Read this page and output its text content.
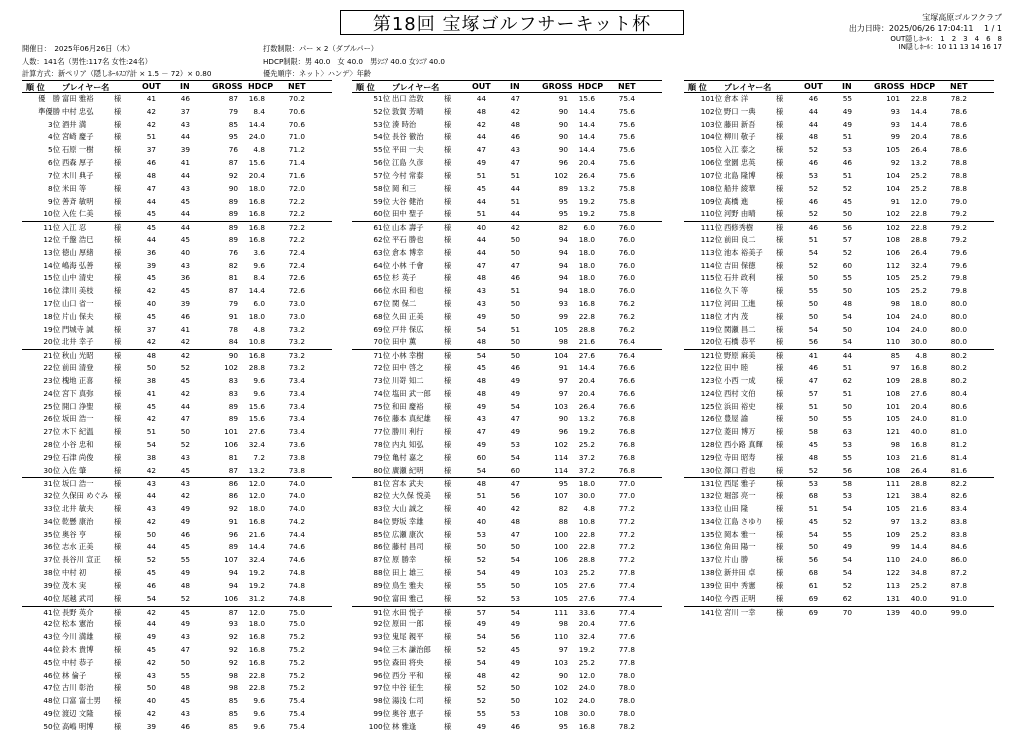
第18回 宝塚ゴルフサーキット杯	宝塚高原ゴルフクラブ
出力日時：2025/06/26 17:04:11　 1 / 1
OUT隠しﾎｰﾙ：　1　2　3　4　6　8
IN隠しﾎｰﾙ：10 11 13 14 16 17
開催日：　2025年06月26日（木）
人数：141名（男性:117名 女性:24名）
計算方式：新ペリア（隠しﾎｰﾙｽｺｱ計 × 1.5 － 72）× 0.80
打数制限：パー × 2（ダブルパー）
HDCP制限：男 40.0　女 40.0　男ｼﾆｱ 40.0 女ｼﾆｱ 40.0
優先順序：ネット〉ハンデ〉年齢
順 位 プレイヤー名	OUT IN	GROSS HDCP NET
優　勝 富田 雅裕	様	41	46	87	16.8	70.2
準優勝 中村 忠弘	様	42	37	79	8.4	70.6
3位 酒井 満	様	42	43	85	14.4	70.6
4位 宮崎 慶子	様	51	44	95	24.0	71.0
5位 石原 一樹	様	37	39	76	4.8	71.2
6位 西森 厚子	様	46	41	87	15.6	71.4
7位 木川 典子	様	48	44	92	20.4	71.6
8位 米田 等	様	47	43	90	18.0	72.0
9位 善斉 敏明	様	44	45	89	16.8	72.2
10位 入佐 仁美	様	45	44	89	16.8	72.2
11位 入江 忍	様	45	44	89	16.8	72.2
12位 千盤 浩巳	様	44	45	89	16.8	72.2
13位 徳山 厚緒	様	36	40	76	3.6	72.4
14位 嶋海 弘善	様	39	43	82	9.6	72.4
15位 山中 清史	様	45	36	81	8.4	72.6
16位 津川 美枝	様	42	45	87	14.4	72.6
17位 山口 省一	様	40	39	79	6.0	73.0
18位 片山 保夫	様	45	46	91	18.0	73.0
19位 門城寺 誠	様	37	41	78	4.8	73.2
20位 北井 幸子	様	42	42	84	10.8	73.2
21位 秋山 光昭	様	48	42	90	16.8	73.2
22位 前田 清登	様	50	52	102	28.8	73.2
23位 槐地 正喜	様	38	45	83	9.6	73.4
24位 宮下 真弥	様	41	42	83	9.6	73.4
25位 開口 浄聖	様	45	44	89	15.6	73.4
26位 坂田 浩一	様	42	47	89	15.6	73.4
27位 木下 紀温	様	51	50	101	27.6	73.4
28位 小谷 忠和	様	54	52	106	32.4	73.6
29位 石津 尚俊	様	38	43	81	7.2	73.8
30位 入佐 肇	様	42	45	87	13.2	73.8
31位 坂口 浩一	様	43	43	86	12.0	74.0
32位 久保田 めぐみ 様	44	42	86	12.0	74.0
33位 北井 敏夫	様	43	49	92	18.0	74.0
34位 乾懸 康治	様	42	49	91	16.8	74.2
35位 奥谷 亨	様	50	46	96	21.6	74.4
36位 志水 正美	様	44	45	89	14.4	74.6
37位 長谷川 宣正 様	52	55	107	32.4	74.6
38位 中村 初	様	45	49	94	19.2	74.8
39位 茂木 実	様	46	48	94	19.2	74.8
40位 尾越 武司	様	54	52	106	31.2	74.8
41位 長野 英介	様	42	45	87	12.0	75.0
42位 松本 憲治	様	44	49	93	18.0	75.0
43位 今川 満雄	様	49	43	92	16.8	75.2
44位 鈴木 貴博	様	45	47	92	16.8	75.2
45位 中村 恭子	様	42	50	92	16.8	75.2
46位 林 倫子	様	43	55	98	22.8	75.2
47位 古川 彰治	様	50	48	98	22.8	75.2
48位 口富 富士男 様	40	45	85	9.6	75.4
49位 渡辺 文隆	様	42	43	85	9.6	75.4
50位 高嶋 明博	様	39	46	85	9.6	75.4
順 位 プレイヤー名	OUT IN	GROSS HDCP NET
51位 出口 浩敦	様	44	47	91	15.6	75.4
52位 敦賀 芳晴	様	48	42	90	14.4	75.6
53位 湊 時治	様	42	48	90	14.4	75.6
54位 長谷 徹治	様	44	46	90	14.4	75.6
55位 平田 一夫	様	47	43	90	14.4	75.6
56位 江島 久彦	様	49	47	96	20.4	75.6
57位 今村 常泰	様	51	51	102	26.4	75.6
58位 岡 和三	様	45	44	89	13.2	75.8
59位 大谷 健治	様	44	51	95	19.2	75.8
60位 田中 聖子	様	51	44	95	19.2	75.8
61位 山本 壽子	様	40	42	82	6.0	76.0
62位 平石 勝也	様	44	50	94	18.0	76.0
63位 倉本 博幸	様	44	50	94	18.0	76.0
64位 小林 千會	様	47	47	94	18.0	76.0
65位 杉 英子	様	48	46	94	18.0	76.0
66位 水田 和也	様	43	51	94	18.0	76.0
67位 関 保二	様	43	50	93	16.8	76.2
68位 久田 正美	様	49	50	99	22.8	76.2
69位 戸井 保広	様	54	51	105	28.8	76.2
70位 田中 薫	様	48	50	98	21.6	76.4
71位 小林 幸樹	様	54	50	104	27.6	76.4
72位 田中 啓之	様	45	46	91	14.4	76.6
73位 川嵜 知二	様	48	49	97	20.4	76.6
74位 塩田 武一郎 様	48	49	97	20.4	76.6
75位 和田 慶裕	様	49	54	103	26.4	76.6
76位 藤本 真紀雄 様	43	47	90	13.2	76.8
77位 勝川 利行	様	47	49	96	19.2	76.8
78位 内丸 知弘	様	49	53	102	25.2	76.8
79位 亀村 嘉之	様	60	54	114	37.2	76.8
80位 廣瀬 紀明	様	54	60	114	37.2	76.8
81位 宮本 武夫	様	48	47	95	18.0	77.0
82位 大久保 悦美 様	51	56	107	30.0	77.0
83位 大山 誠之	様	40	42	82	4.8	77.2
84位 野坂 幸雄	様	40	48	88	10.8	77.2
85位 広瀬 康次	様	53	47	100	22.8	77.2
86位 藤村 昌司	様	50	50	100	22.8	77.2
87位 原 勝幸	様	52	54	106	28.8	77.2
88位 田上 雄三	様	54	49	103	25.2	77.8
89位 鳥生 雅夫	様	55	50	105	27.6	77.4
90位 富田 雅己	様	52	53	105	27.6	77.4
91位 水田 悦子	様	57	54	111	33.6	77.4
92位 原田 一郎	様	49	49	98	20.4	77.6
93位 鬼尾 親平	様	54	56	110	32.4	77.6
94位 三木 謙治郎 様	52	45	97	19.2	77.8
95位 森田 将央	様	54	49	103	25.2	77.8
96位 西分 平和	様	48	42	90	12.0	78.0
97位 中谷 征生	様	52	50	102	24.0	78.0
98位 湯浅 仁司	様	52	50	102	24.0	78.0
99位 奥谷 恵子	様	55	53	108	30.0	78.0
100位 林 雅逢	様	49	46	95	16.8	78.2
順 位 プレイヤー名	OUT IN	GROSS HDCP NET
101位 倉本 洋	様	46	55	101	22.8	78.2
102位 野口 一典	様	44	49	93	14.4	78.6
103位 藤田 新吾	様	44	49	93	14.4	78.6
104位 柳川 敬子	様	48	51	99	20.4	78.6
105位 入江 泰之	様	52	53	105	26.4	78.6
106位 堂園 忠英	様	46	46	92	13.2	78.8
107位 北島 隆博	様	53	51	104	25.2	78.8
108位 船井 綾華	様	52	52	104	25.2	78.8
109位 髙橋 進	様	46	45	91	12.0	79.0
110位 河野 由晴	様	52	50	102	22.8	79.2
111位 西修秀樹	様	46	56	102	22.8	79.2
112位 前田 良二	様	51	57	108	28.8	79.2
113位 池本 裕美子 様	54	52	106	26.4	79.6
114位 吉田 保徳	様	52	60	112	32.4	79.6
115位 石井 政利	様	50	55	105	25.2	79.8
116位 久下 等	様	55	50	105	25.2	79.8
117位 河田 工進	様	50	48	98	18.0	80.0
118位 才内 茂	様	50	54	104	24.0	80.0
119位 関瀬 昌二	様	54	50	104	24.0	80.0
120位 石橋 恭平	様	56	54	110	30.0	80.0
121位 野原 麻美	様	41	44	85	4.8	80.2
122位 田中 睦	様	46	51	97	16.8	80.2
123位 小西 一成	様	47	62	109	28.8	80.2
124位 西村 文伯	様	57	51	108	27.6	80.4
125位 浜田 裕史	様	51	50	101	20.4	80.6
126位 豊屋 諭	様	50	55	105	24.0	81.0
127位 菱田 博万	様	58	63	121	40.0	81.0
128位 西小路 真輝 様	45	53	98	16.8	81.2
129位 寺田 昭寿	様	48	55	103	21.6	81.4
130位 澤口 哲也	様	52	56	108	26.4	81.6
131位 西尾 雅子	様	53	58	111	28.8	82.2
132位 堀部 亮一	様	68	53	121	38.4	82.6
133位 山田 隆	様	51	54	105	21.6	83.4
134位 江島 さゆり 様	45	52	97	13.2	83.8
135位 岡本 雅一	様	54	55	109	25.2	83.8
136位 角田 陽一	様	50	49	99	14.4	84.6
137位 片山 勝	様	56	54	110	24.0	86.0
138位 新井田 卓	様	68	54	122	34.8	87.2
139位 田中 秀憲	様	61	52	113	25.2	87.8
140位 今西 正明	様	69	62	131	40.0	91.0
141位 宮川 一幸	様	69	70	139	40.0	99.0
